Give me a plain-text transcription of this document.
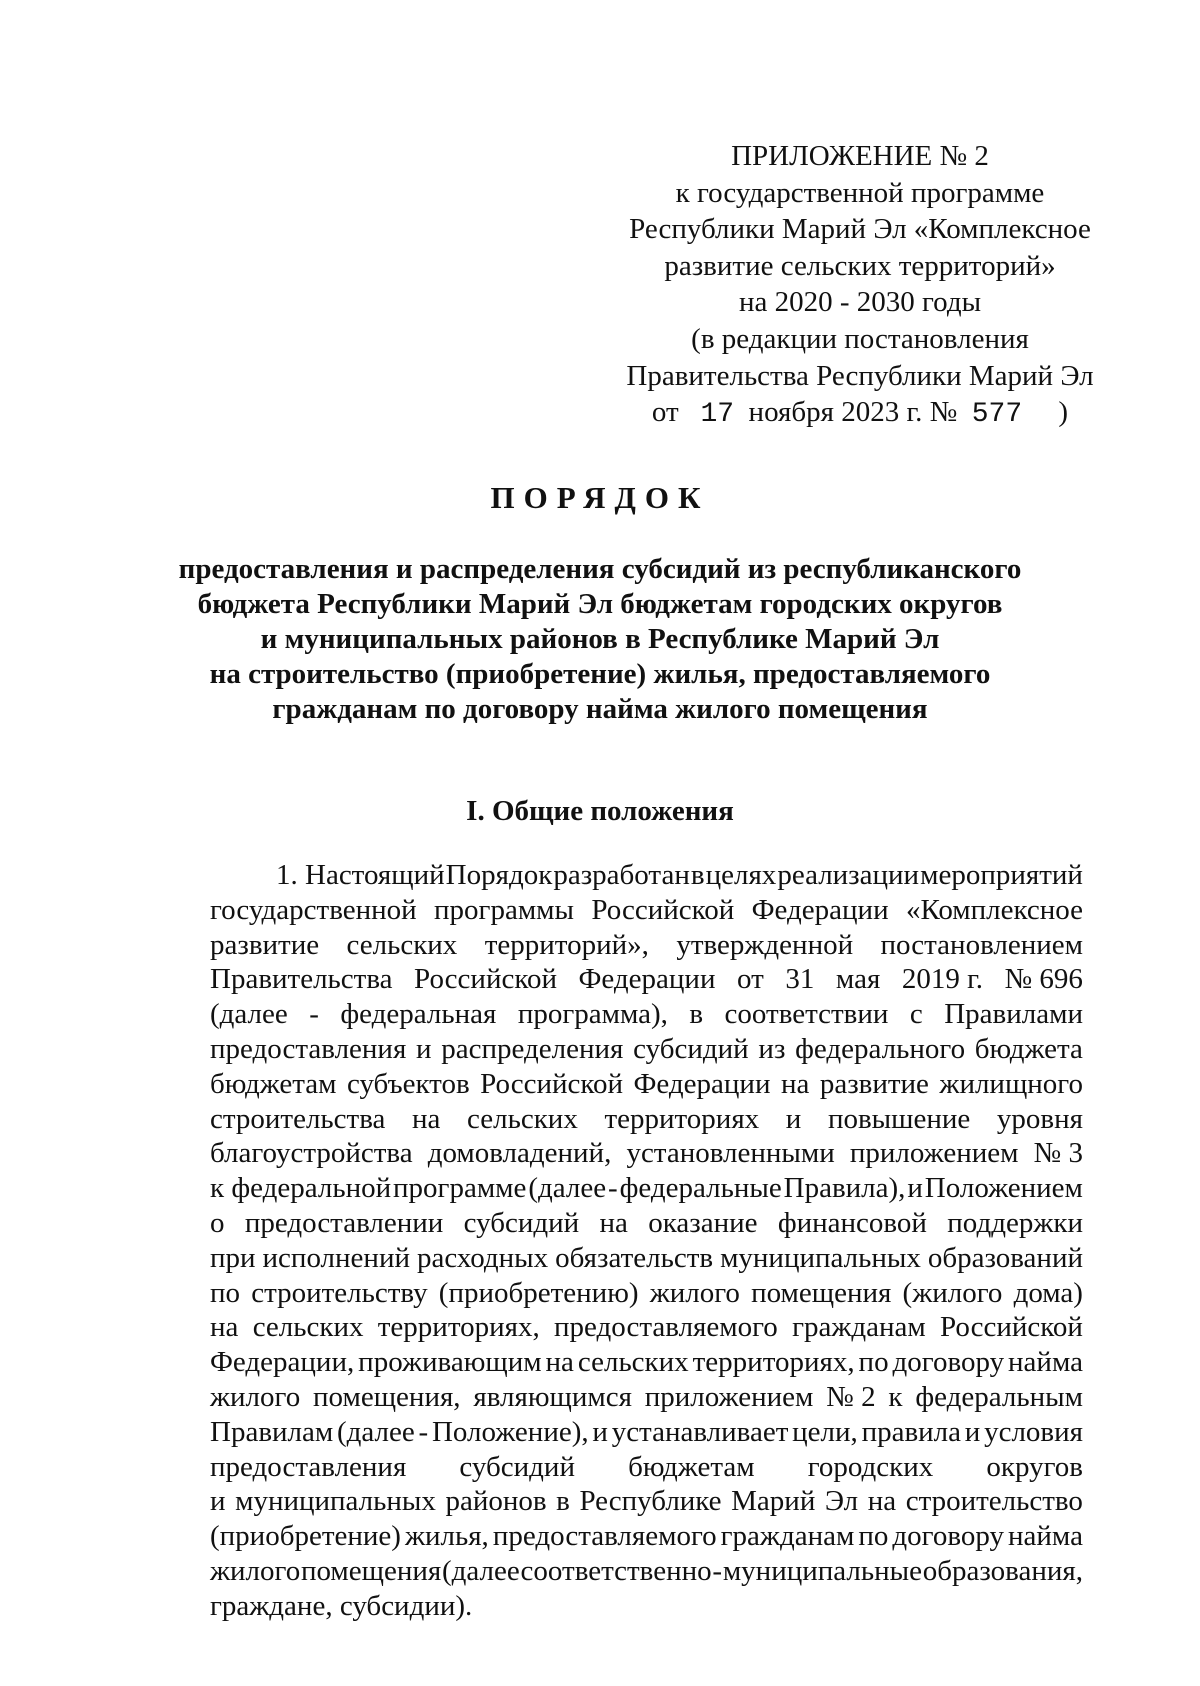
ПРИЛОЖЕНИЕ № 2
к государственной программе
Республики Марий Эл «Комплексное
развитие сельских территорий»
на 2020 - 2030 годы
(в редакции постановления
Правительства Республики Марий Эл
от 17 ноября 2023 г. № 577 )
ПОРЯДОК
предоставления и распределения субсидий из республиканского
бюджета Республики Марий Эл бюджетам городских округов
и муниципальных районов в Республике Марий Эл
на строительство (приобретение) жилья, предоставляемого
гражданам по договору найма жилого помещения
I. Общие положения
1. Настоящий Порядок разработан в целях реализации мероприятий
государственной программы Российской Федерации «Комплексное
развитие сельских территорий», утвержденной постановлением
Правительства Российской Федерации от 31 мая 2019 г. № 696
(далее - федеральная программа), в соответствии с Правилами
предоставления и распределения субсидий из федерального бюджета
бюджетам субъектов Российской Федерации на развитие жилищного
строительства на сельских территориях и повышение уровня
благоустройства домовладений, установленными приложением № 3
к федеральной программе (далее - федеральные Правила), и Положением
о предоставлении субсидий на оказание финансовой поддержки
при исполнений расходных обязательств муниципальных образований
по строительству (приобретению) жилого помещения (жилого дома)
на сельских территориях, предоставляемого гражданам Российской
Федерации, проживающим на сельских территориях, по договору найма
жилого помещения, являющимся приложением № 2 к федеральным
Правилам (далее - Положение), и устанавливает цели, правила и условия
предоставления субсидий бюджетам городских округов
и муниципальных районов в Республике Марий Эл на строительство
(приобретение) жилья, предоставляемого гражданам по договору найма
жилого помещения (далее соответственно - муниципальные образования,
граждане,
субсидии).
